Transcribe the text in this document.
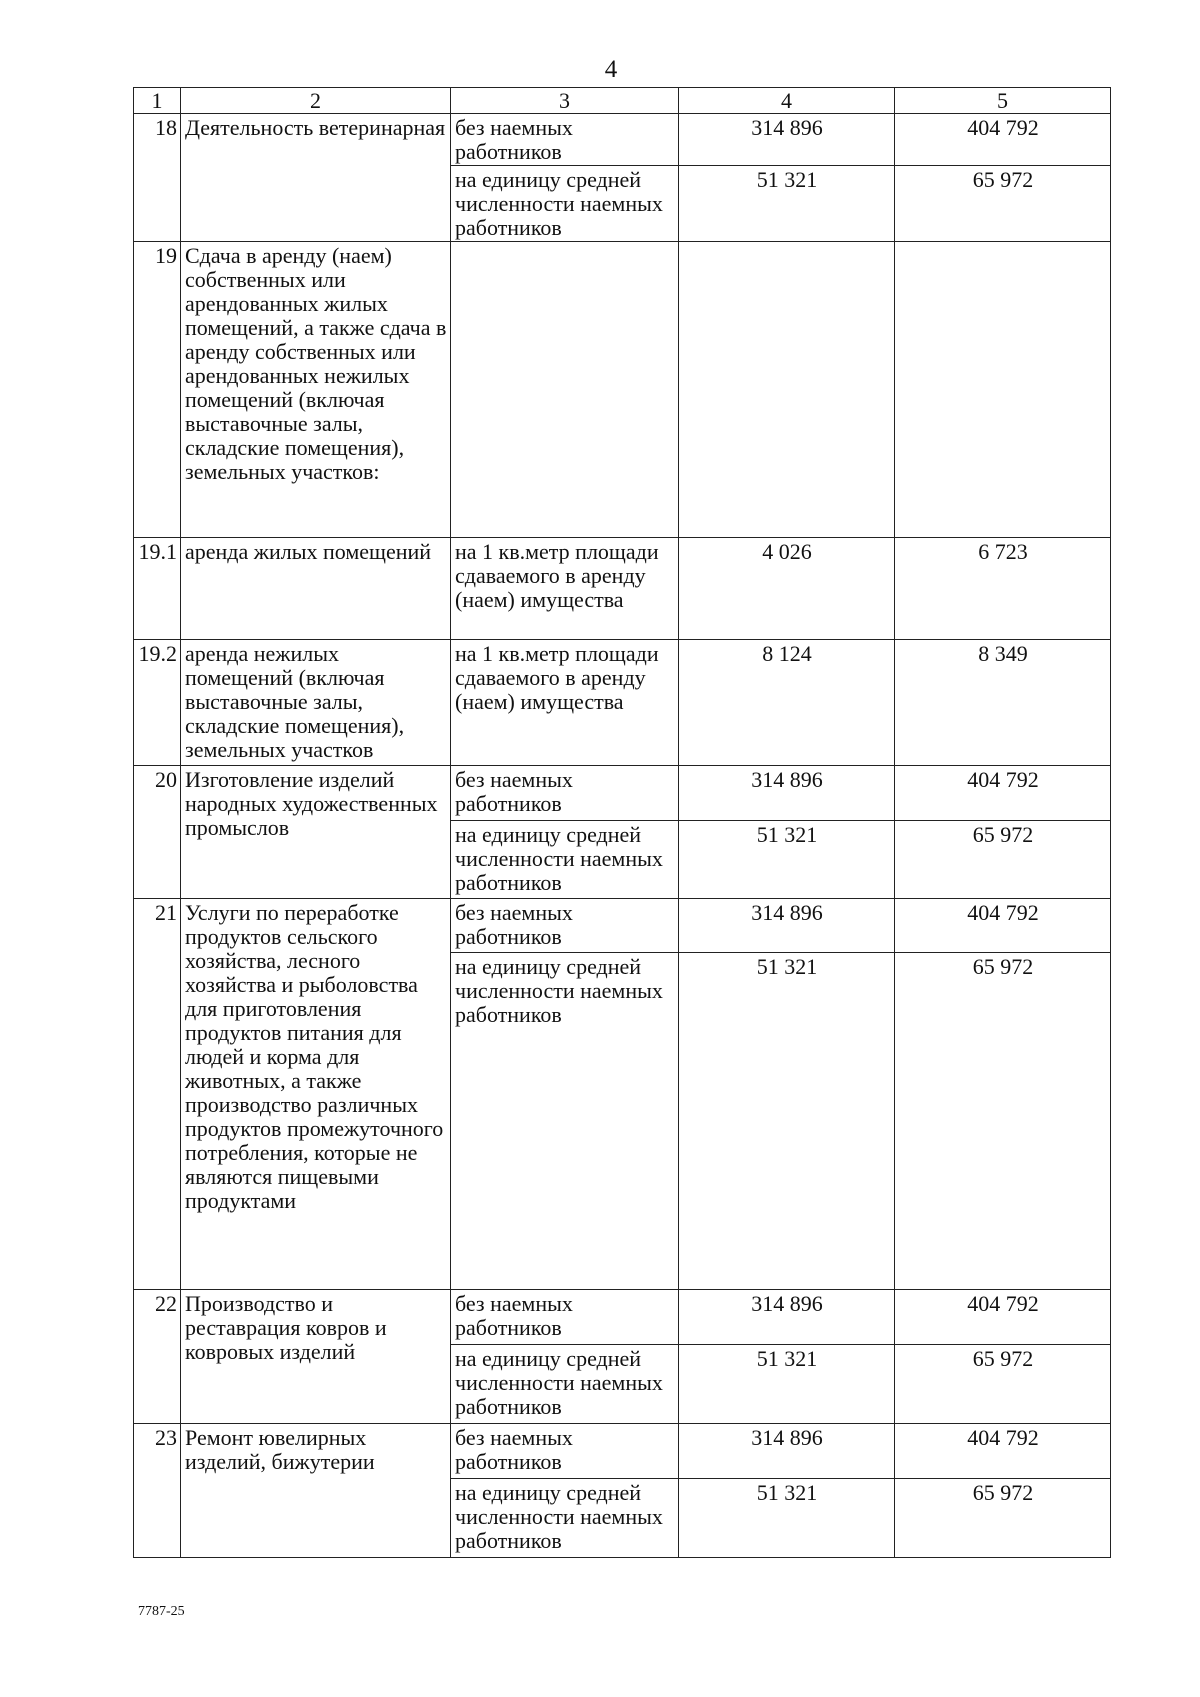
4
1	2	3	4	5
18	Деятельность ветеринарная	без наемных работников	314 896	404 792
		на единицу средней численности наемных работников	51 321	65 972
19	Сдача в аренду (наем) собственных или арендованных жилых помещений, а также сдача в аренду собственных или арендованных нежилых помещений (включая выставочные залы, складские помещения), земельных участков:			
19.1	аренда жилых помещений	на 1 кв.метр площади сдаваемого в аренду (наем) имущества	4 026	6 723
19.2	аренда нежилых помещений (включая выставочные залы, складские помещения), земельных участков	на 1 кв.метр площади сдаваемого в аренду (наем) имущества	8 124	8 349
20	Изготовление изделий народных художественных промыслов	без наемных работников	314 896	404 792
		на единицу средней численности наемных работников	51 321	65 972
21	Услуги по переработке продуктов сельского хозяйства, лесного хозяйства и рыболовства для приготовления продуктов питания для людей и корма для животных, а также производство различных продуктов промежуточного потребления, которые не являются пищевыми продуктами	без наемных работников	314 896	404 792
		на единицу средней численности наемных работников	51 321	65 972
22	Производство и реставрация ковров и ковровых изделий	без наемных работников	314 896	404 792
		на единицу средней численности наемных работников	51 321	65 972
23	Ремонт ювелирных изделий, бижутерии	без наемных работников	314 896	404 792
		на единицу средней численности наемных работников	51 321	65 972
7787-25
